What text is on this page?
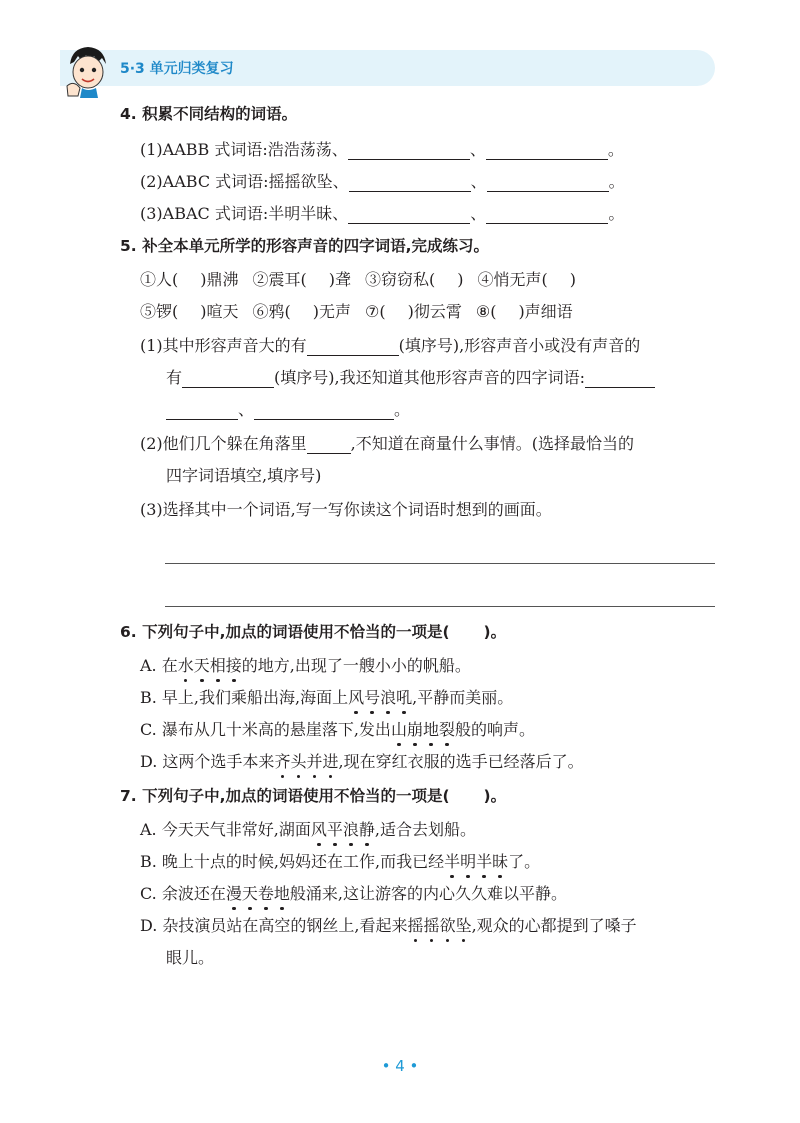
5·3 单元归类复习
4. 积累不同结构的词语。
(1)AABB 式词语:浩浩荡荡、	、	。
(2)AABC 式词语:摇摇欲坠、	、	。
(3)ABAC 式词语:半明半昧、	、	。
5. 补全本单元所学的形容声音的四字词语,完成练习。
①人( )鼎沸 ②震耳( )聋 ③窃窃私( ) ④悄无声( )
⑤锣( )喧天 ⑥鸦( )无声 ⑦( )彻云霄 ⑧( )声细语
(1)其中形容声音大的有	(填序号),形容声音小或没有声音的
有	(填序号),我还知道其他形容声音的四字词语:
、	。
(2)他们几个躲在角落里	,不知道在商量什么事情。(选择最恰当的
四字词语填空,填序号)
(3)选择其中一个词语,写一写你读这个词语时想到的画面。
6. 下列句子中,加点的词语使用不恰当的一项是( )。
A. 在水天相接的地方,出现了一艘小小的帆船。
B. 早上,我们乘船出海,海面上风号浪吼,平静而美丽。
C. 瀑布从几十米高的悬崖落下,发出山崩地裂般的响声。
D. 这两个选手本来齐头并进,现在穿红衣服的选手已经落后了。
7. 下列句子中,加点的词语使用不恰当的一项是( )。
A. 今天天气非常好,湖面风平浪静,适合去划船。
B. 晚上十点的时候,妈妈还在工作,而我已经半明半昧了。
C. 余波还在漫天卷地般涌来,这让游客的内心久久难以平静。
D. 杂技演员站在高空的钢丝上,看起来摇摇欲坠,观众的心都提到了嗓子
眼儿。
• 4 •
